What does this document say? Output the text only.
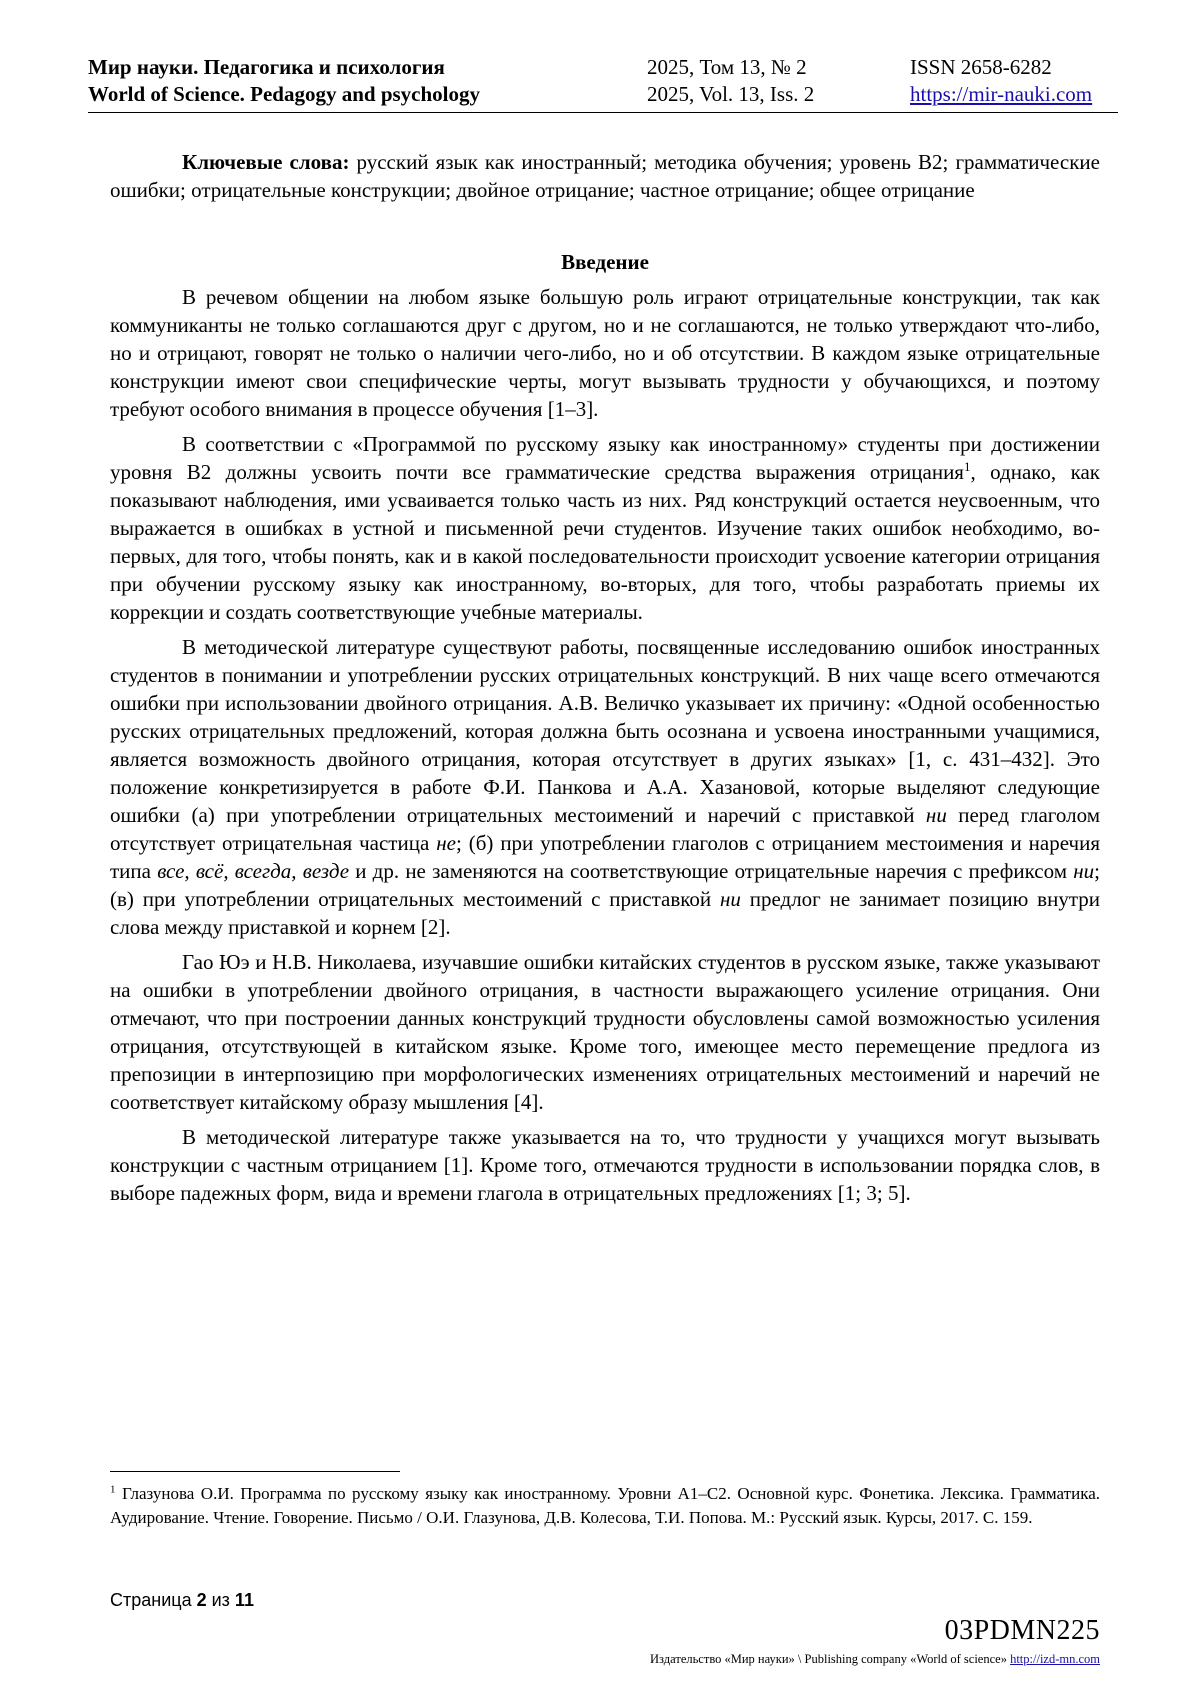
Мир науки. Педагогика и психология
World of Science. Pedagogy and psychology
2025, Том 13, № 2
2025, Vol. 13, Iss. 2
ISSN 2658-6282
https://mir-nauki.com

Ключевые слова: русский язык как иностранный; методика обучения; уровень B2; грамматические ошибки; отрицательные конструкции; двойное отрицание; частное отрицание; общее отрицание

Введение

В речевом общении на любом языке большую роль играют отрицательные конструкции, так как коммуниканты не только соглашаются друг с другом, но и не соглашаются, не только утверждают что-либо, но и отрицают, говорят не только о наличии чего-либо, но и об отсутствии. В каждом языке отрицательные конструкции имеют свои специфические черты, могут вызывать трудности у обучающихся, и поэтому требуют особого внимания в процессе обучения [1–3].

В соответствии с «Программой по русскому языку как иностранному» студенты при достижении уровня В2 должны усвоить почти все грамматические средства выражения отрицания$^1$, однако, как показывают наблюдения, ими усваивается только часть из них. Ряд конструкций остается неусвоенным, что выражается в ошибках в устной и письменной речи студентов. Изучение таких ошибок необходимо, во-первых, для того, чтобы понять, как и в какой последовательности происходит усвоение категории отрицания при обучении русскому языку как иностранному, во-вторых, для того, чтобы разработать приемы их коррекции и создать соответствующие учебные материалы.

В методической литературе существуют работы, посвященные исследованию ошибок иностранных студентов в понимании и употреблении русских отрицательных конструкций. В них чаще всего отмечаются ошибки при использовании двойного отрицания. А.В. Величко указывает их причину: «Одной особенностью русских отрицательных предложений, которая должна быть осознана и усвоена иностранными учащимися, является возможность двойного отрицания, которая отсутствует в других языках» [1, с. 431–432]. Это положение конкретизируется в работе Ф.И. Панкова и А.А. Хазановой, которые выделяют следующие ошибки (а) при употреблении отрицательных местоимений и наречий с приставкой ни перед глаголом отсутствует отрицательная частица не; (б) при употреблении глаголов с отрицанием местоимения и наречия типа все, всё, всегда, везде и др. не заменяются на соответствующие отрицательные наречия с префиксом ни; (в) при употреблении отрицательных местоимений с приставкой ни предлог не занимает позицию внутри слова между приставкой и корнем [2].

Гао Юэ и Н.В. Николаева, изучавшие ошибки китайских студентов в русском языке, также указывают на ошибки в употреблении двойного отрицания, в частности выражающего усиление отрицания. Они отмечают, что при построении данных конструкций трудности обусловлены самой возможностью усиления отрицания, отсутствующей в китайском языке. Кроме того, имеющее место перемещение предлога из препозиции в интерпозицию при морфологических изменениях отрицательных местоимений и наречий не соответствует китайскому образу мышления [4].

В методической литературе также указывается на то, что трудности у учащихся могут вызывать конструкции с частным отрицанием [1]. Кроме того, отмечаются трудности в использовании порядка слов, в выборе падежных форм, вида и времени глагола в отрицательных предложениях [1; 3; 5].

$^1$ Глазунова О.И. Программа по русскому языку как иностранному. Уровни А1–С2. Основной курс. Фонетика. Лексика. Грамматика. Аудирование. Чтение. Говорение. Письмо / О.И. Глазунова, Д.В. Колесова, Т.И. Попова. М.: Русский язык. Курсы, 2017. С. 159.
Страница 2 из 11
03PDMN225
Издательство «Мир науки» \ Publishing company «World of science» http://izd-mn.com
